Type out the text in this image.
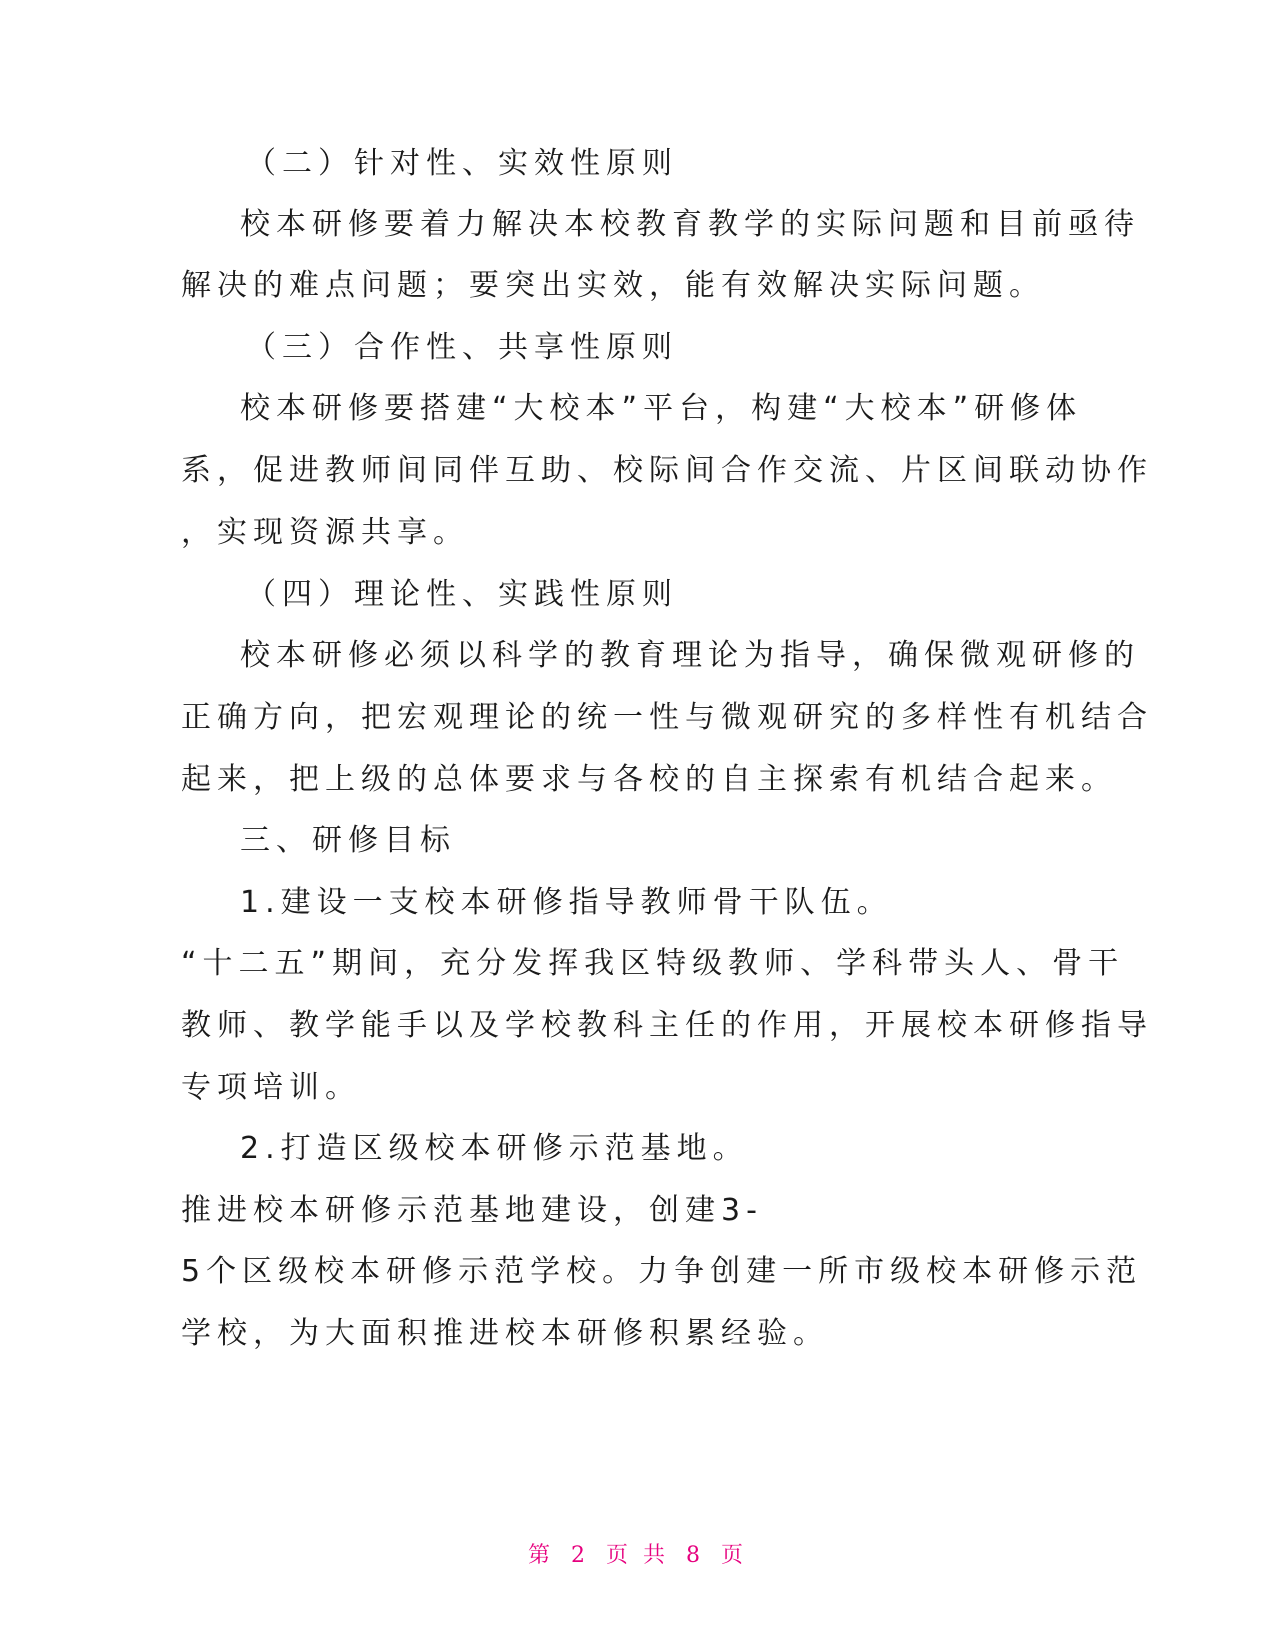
（二）针对性、实效性原则
校本研修要着力解决本校教育教学的实际问题和目前亟待
解决的难点问题；要突出实效，能有效解决实际问题。
（三）合作性、共享性原则
校本研修要搭建“大校本”平台，构建“大校本”研修体
系，促进教师间同伴互助、校际间合作交流、片区间联动协作
，实现资源共享。
（四）理论性、实践性原则
校本研修必须以科学的教育理论为指导，确保微观研修的
正确方向，把宏观理论的统一性与微观研究的多样性有机结合
起来，把上级的总体要求与各校的自主探索有机结合起来。
三、研修目标
1.建设一支校本研修指导教师骨干队伍。
“十二五”期间，充分发挥我区特级教师、学科带头人、骨干
教师、教学能手以及学校教科主任的作用，开展校本研修指导
专项培训。
2.打造区级校本研修示范基地。
推进校本研修示范基地建设，创建3-
5个区级校本研修示范学校。力争创建一所市级校本研修示范
学校，为大面积推进校本研修积累经验。
第 2 页 共 8 页
